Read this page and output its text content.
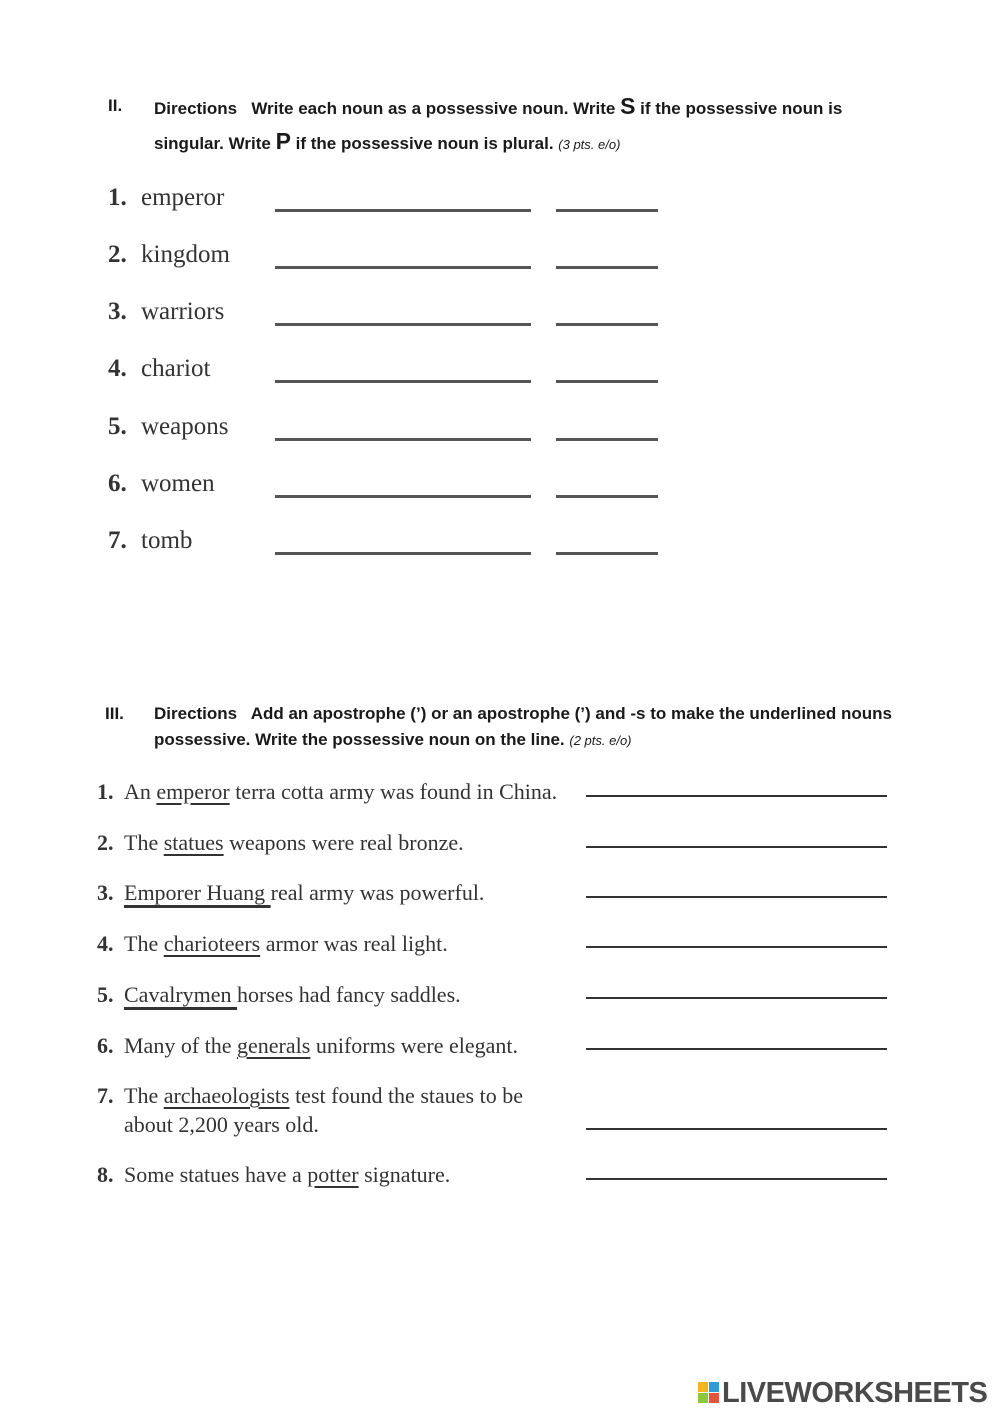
II. Directions Write each noun as a possessive noun. Write S if the possessive noun is singular. Write P if the possessive noun is plural. (3 pts. e/o)
1. emperor
2. kingdom
3. warriors
4. chariot
5. weapons
6. women
7. tomb
III. Directions Add an apostrophe (’) or an apostrophe (’) and -s to make the underlined nouns possessive. Write the possessive noun on the line. (2 pts. e/o)
1. An emperor terra cotta army was found in China.
2. The statues weapons were real bronze.
3. Emporer Huang real army was powerful.
4. The charioteers armor was real light.
5. Cavalrymen horses had fancy saddles.
6. Many of the generals uniforms were elegant.
7. The archaeologists test found the staues to be about 2,200 years old.
8. Some statues have a potter signature.
LIVEWORKSHEETS
